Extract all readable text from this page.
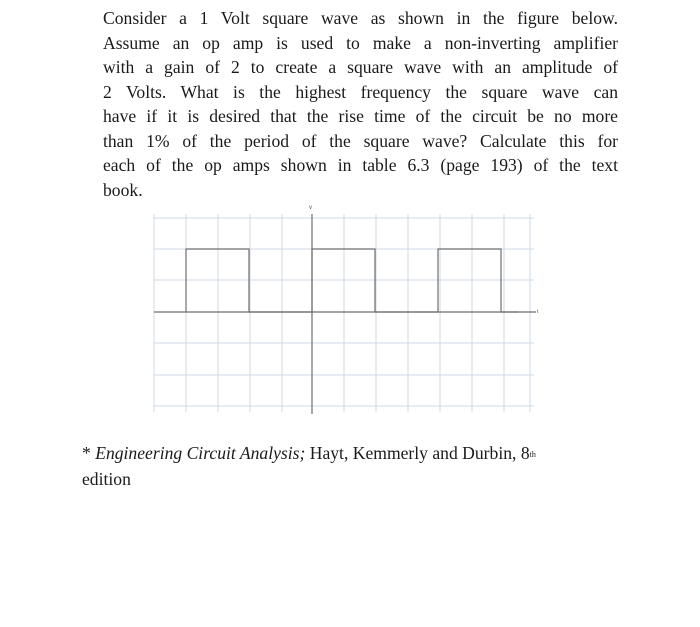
Consider a 1 Volt square wave as shown in the figure below.
Assume an op amp is used to make a non-inverting amplifier
with a gain of 2 to create a square wave with an amplitude of
2 Volts. What is the highest frequency the square wave can
have if it is desired that the rise time of the circuit be no more
than 1% of the period of the square wave? Calculate this for
each of the op amps shown in table 6.3 (page 193) of the text
book.
v
t

* Engineering Circuit Analysis; Hayt, Kemmerly and Durbin, 8th
edition
